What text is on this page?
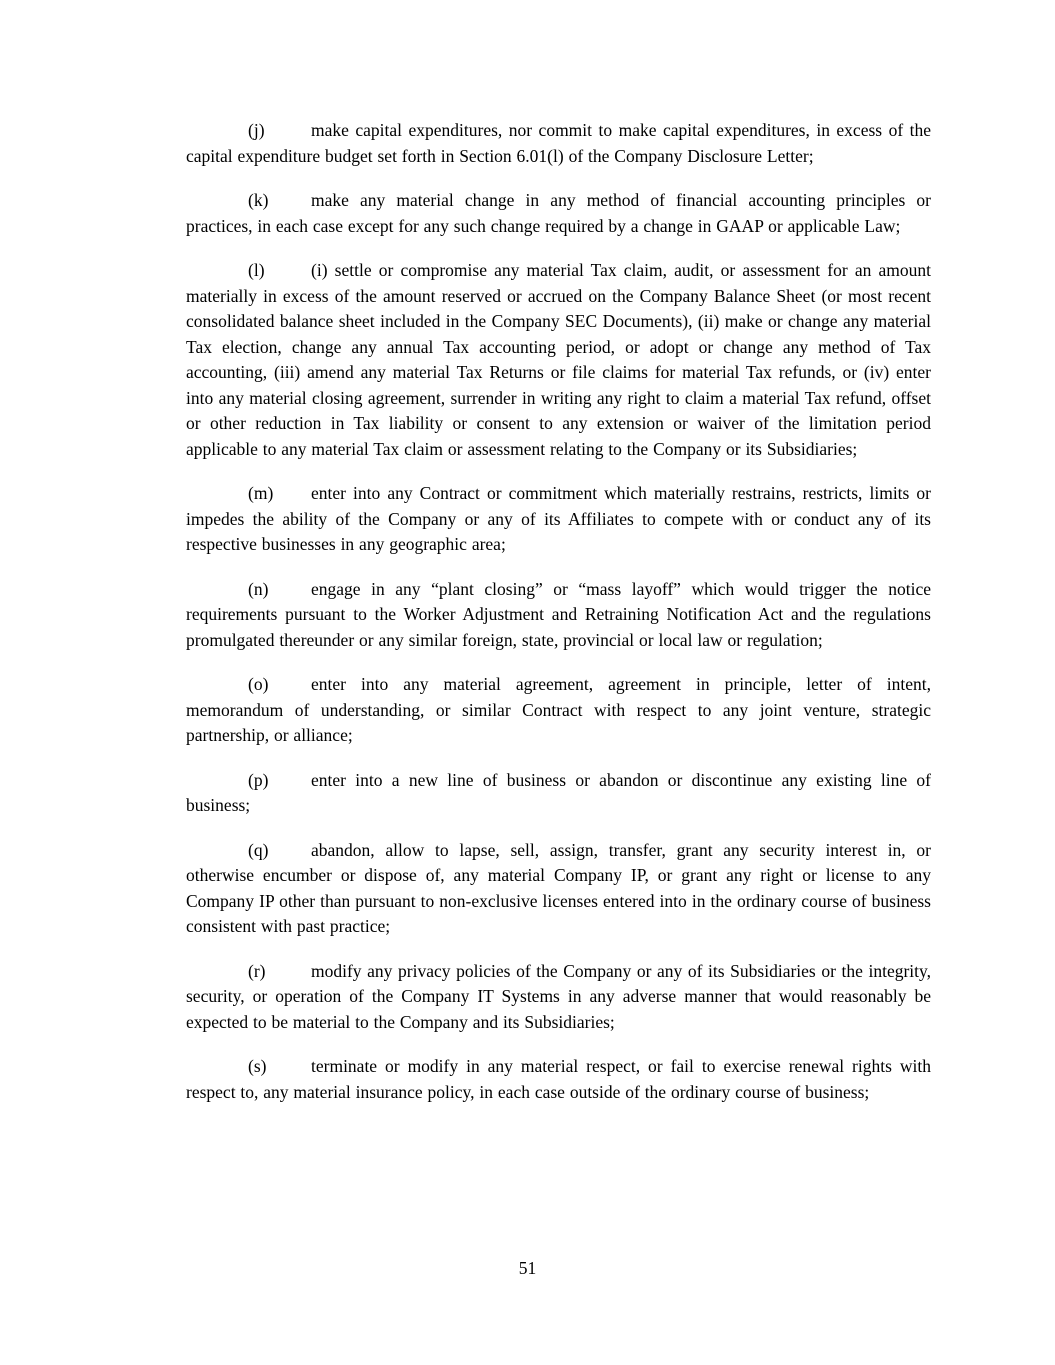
(j)	make capital expenditures, nor commit to make capital expenditures, in excess of the capital expenditure budget set forth in Section 6.01(l) of the Company Disclosure Letter;

(k) make any material change in any method of financial accounting principles or practices, in each case except for any such change required by a change in GAAP or applicable Law;

(l)	(i) settle or compromise any material Tax claim, audit, or assessment for an amount materially in excess of the amount reserved or accrued on the Company Balance Sheet (or most recent consolidated balance sheet included in the Company SEC Documents), (ii) make or change any material Tax election, change any annual Tax accounting period, or adopt or change any method of Tax accounting, (iii) amend any material Tax Returns or file claims for material Tax refunds, or (iv) enter into any material closing agreement, surrender in writing any right to claim a material Tax refund, offset or other reduction in Tax liability or consent to any extension or waiver of the limitation period applicable to any material Tax claim or assessment relating to the Company or its Subsidiaries;

(m) enter into any Contract or commitment which materially restrains, restricts, limits or impedes the ability of the Company or any of its Affiliates to compete with or conduct any of its respective businesses in any geographic area;

(n) engage in any “plant closing” or “mass layoff” which would trigger the notice requirements pursuant to the Worker Adjustment and Retraining Notification Act and the regulations promulgated thereunder or any similar foreign, state, provincial or local law or regulation;

(o) enter into any material agreement, agreement in principle, letter of intent, memorandum of understanding, or similar Contract with respect to any joint venture, strategic partnership, or alliance;

(p) enter into a new line of business or abandon or discontinue any existing line of business;

(q) abandon, allow to lapse, sell, assign, transfer, grant any security interest in, or otherwise encumber or dispose of, any material Company IP, or grant any right or license to any Company IP other than pursuant to non-exclusive licenses entered into in the ordinary course of business consistent with past practice;

(r)	modify any privacy policies of the Company or any of its Subsidiaries or the integrity, security, or operation of the Company IT Systems in any adverse manner that would reasonably be expected to be material to the Company and its Subsidiaries;

(s)	terminate or modify in any material respect, or fail to exercise renewal rights with respect to, any material insurance policy, in each case outside of the ordinary course of business;

51
